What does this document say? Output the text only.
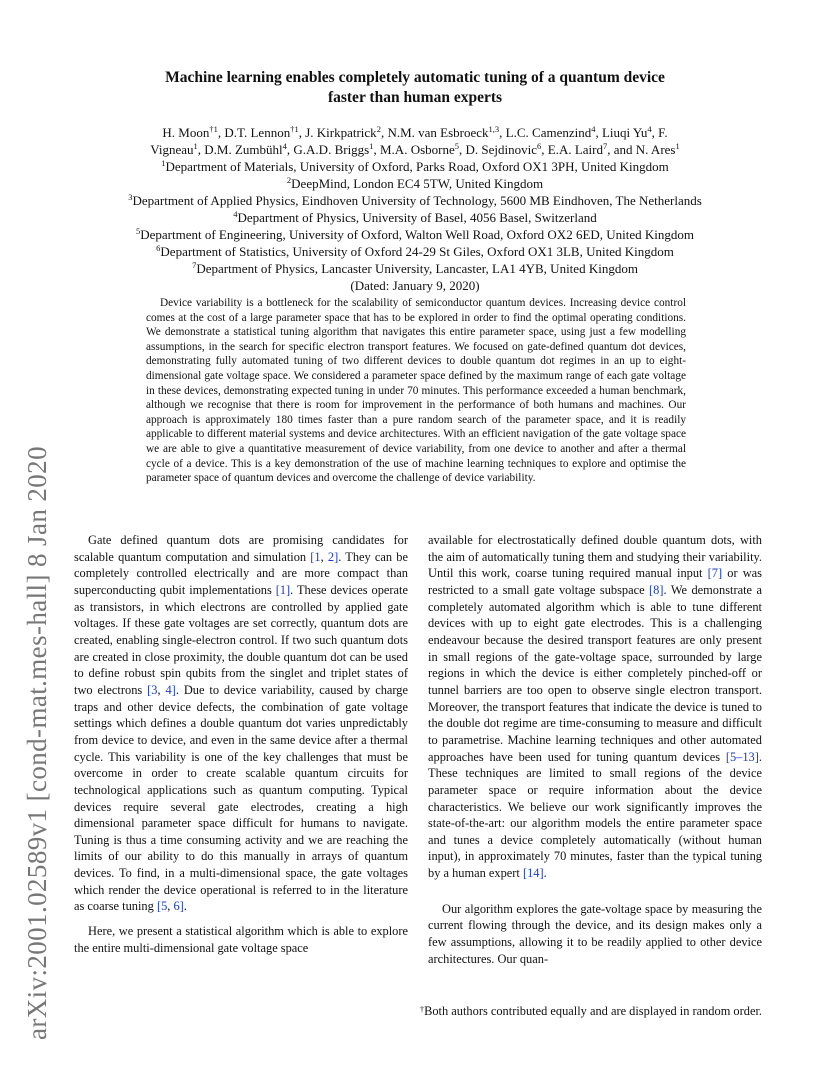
arXiv:2001.02589v1 [cond-mat.mes-hall] 8 Jan 2020
Machine learning enables completely automatic tuning of a quantum device
faster than human experts
H. Moon$^{\dagger 1}$, D.T. Lennon$^{\dagger 1}$, J. Kirkpatrick$^2$, N.M. van Esbroeck$^{1,3}$, L.C. Camenzind$^4$, Liuqi Yu$^4$, F.
Vigneau$^1$, D.M. Zumbühl$^4$, G.A.D. Briggs$^1$, M.A. Osborne$^5$, D. Sejdinovic$^6$, E.A. Laird$^7$, and N. Ares$^1$
$^1$Department of Materials, University of Oxford, Parks Road, Oxford OX1 3PH, United Kingdom
$^2$DeepMind, London EC4 5TW, United Kingdom
$^3$Department of Applied Physics, Eindhoven University of Technology, 5600 MB Eindhoven, The Netherlands
$^4$Department of Physics, University of Basel, 4056 Basel, Switzerland
$^5$Department of Engineering, University of Oxford, Walton Well Road, Oxford OX2 6ED, United Kingdom
$^6$Department of Statistics, University of Oxford 24-29 St Giles, Oxford OX1 3LB, United Kingdom
$^7$Department of Physics, Lancaster University, Lancaster, LA1 4YB, United Kingdom
(Dated: January 9, 2020)
Device variability is a bottleneck for the scalability of semiconductor quantum devices. Increasing device control comes at the cost of a large parameter space that has to be explored in order to find the optimal operating conditions. We demonstrate a statistical tuning algorithm that navigates this entire parameter space, using just a few modelling assumptions, in the search for specific electron transport features. We focused on gate-defined quantum dot devices, demonstrating fully automated tuning of two different devices to double quantum dot regimes in an up to eight-dimensional gate voltage space. We considered a parameter space defined by the maximum range of each gate voltage in these devices, demonstrating expected tuning in under 70 minutes. This performance exceeded a human benchmark, although we recognise that there is room for improvement in the performance of both humans and machines. Our approach is approximately 180 times faster than a pure random search of the parameter space, and it is readily applicable to different material systems and device architectures. With an efficient navigation of the gate voltage space we are able to give a quantitative measurement of device variability, from one device to another and after a thermal cycle of a device. This is a key demonstration of the use of machine learning techniques to explore and optimise the parameter space of quantum devices and overcome the challenge of device variability.

Gate defined quantum dots are promising candidates for scalable quantum computation and simulation [1, 2]. They can be completely controlled electrically and are more compact than superconducting qubit implementations [1]. These devices operate as transistors, in which electrons are controlled by applied gate voltages. If these gate voltages are set correctly, quantum dots are created, enabling single-electron control. If two such quantum dots are created in close proximity, the double quantum dot can be used to define robust spin qubits from the singlet and triplet states of two electrons [3, 4]. Due to device variability, caused by charge traps and other device defects, the combination of gate voltage settings which defines a double quantum dot varies unpredictably from device to device, and even in the same device after a thermal cycle. This variability is one of the key challenges that must be overcome in order to create scalable quantum circuits for technological applications such as quantum computing. Typical devices require several gate electrodes, creating a high dimensional parameter space difficult for humans to navigate. Tuning is thus a time consuming activity and we are reaching the limits of our ability to do this manually in arrays of quantum devices. To find, in a multi-dimensional space, the gate voltages which render the device operational is referred to in the literature as coarse tuning [5, 6].

Here, we present a statistical algorithm which is able to explore the entire multi-dimensional gate voltage space

available for electrostatically defined double quantum dots, with the aim of automatically tuning them and studying their variability. Until this work, coarse tuning required manual input [7] or was restricted to a small gate voltage subspace [8]. We demonstrate a completely automated algorithm which is able to tune different devices with up to eight gate electrodes. This is a challenging endeavour because the desired transport features are only present in small regions of the gate-voltage space, surrounded by large regions in which the device is either completely pinched-off or tunnel barriers are too open to observe single electron transport. Moreover, the transport features that indicate the device is tuned to the double dot regime are time-consuming to measure and difficult to parametrise. Machine learning techniques and other automated approaches have been used for tuning quantum devices [5–13]. These techniques are limited to small regions of the device parameter space or require information about the device characteristics. We believe our work significantly improves the state-of-the-art: our algorithm models the entire parameter space and tunes a device completely automatically (without human input), in approximately 70 minutes, faster than the typical tuning by a human expert [14].

Our algorithm explores the gate-voltage space by measuring the current flowing through the device, and its design makes only a few assumptions, allowing it to be readily applied to other device architectures. Our quan-

†Both authors contributed equally and are displayed in random order.
